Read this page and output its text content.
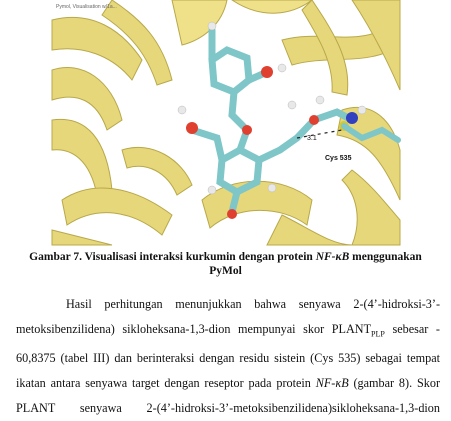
3.1
Cys 535
Pymol, Visualisation w/1a...
Gambar 7. Visualisasi interaksi kurkumin dengan protein NF-κB menggunakan
PyMol
Hasil perhitungan menunjukkan bahwa senyawa 2-(4’-hidroksi-3’-
metoksibenzilidena) sikloheksana-1,3-dion mempunyai skor $PLANT_{PLP}$ sebesar -
60,8375 (tabel III) dan berinteraksi dengan residu sistein (Cys 535) sebagai tempat
ikatan antara senyawa target dengan reseptor pada protein NF-κB (gambar 8). Skor
PLANT senyawa 2-(4’-hidroksi-3’-metoksibenzilidena)sikloheksana-1,3-dion
